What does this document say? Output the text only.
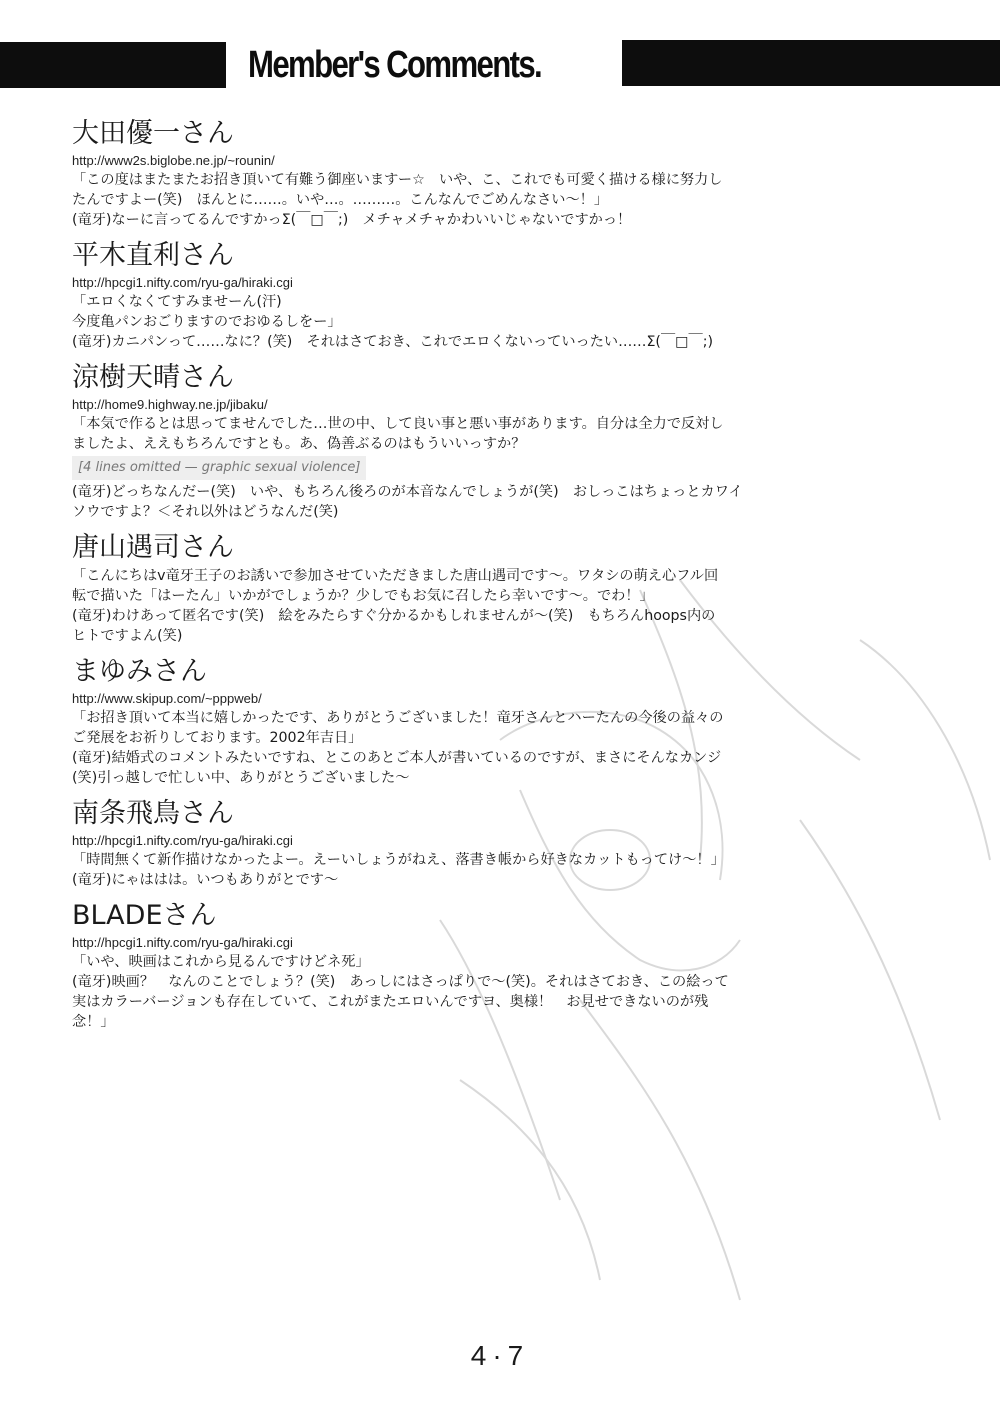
Member's Comments.
大田優一さん
http://www2s.biglobe.ne.jp/~rounin/
「この度はまたまたお招き頂いて有難う御座いますー☆　いや、こ、これでも可愛く描ける様に努力し
たんですよー(笑)　ほんとに……。いや…。………。こんなんでごめんなさい～！」
(竜牙)なーに言ってるんですかっΣ(￣□￣;)　メチャメチャかわいいじゃないですかっ！
平木直利さん
http://hpcgi1.nifty.com/ryu-ga/hiraki.cgi
「エロくなくてすみませーん(汗)
今度亀パンおごりますのでおゆるしをー」
(竜牙)カニパンって……なに？(笑)　それはさておき、これでエロくないっていったい……Σ(￣□￣;)
涼樹天晴さん
http://home9.highway.ne.jp/jibaku/
「本気で作るとは思ってませんでした…世の中、して良い事と悪い事があります。自分は全力で反対し
ましたよ、ええもちろんですとも。あ、偽善ぶるのはもういいっすか？
[4 lines omitted — graphic sexual violence]
(竜牙)どっちなんだー(笑)　いや、もちろん後ろのが本音なんでしょうが(笑)　おしっこはちょっとカワイ
ソウですよ？＜それ以外はどうなんだ(笑)
唐山遇司さん
「こんにちはv竜牙王子のお誘いで参加させていただきました唐山遇司です～。ワタシの萌え心フル回
転で描いた「はーたん」いかがでしょうか？少しでもお気に召したら幸いです～。でわ！」
(竜牙)わけあって匿名です(笑)　絵をみたらすぐ分かるかもしれませんが～(笑)　もちろんhoops内の
ヒトですよん(笑)
まゆみさん
http://www.skipup.com/~pppweb/
「お招き頂いて本当に嬉しかったです、ありがとうございました！竜牙さんとハーたんの今後の益々の
ご発展をお祈りしております。2002年吉日」
(竜牙)結婚式のコメントみたいですね、とこのあとご本人が書いているのですが、まさにそんなカンジ
(笑)引っ越しで忙しい中、ありがとうございました～
南条飛鳥さん
http://hpcgi1.nifty.com/ryu-ga/hiraki.cgi
「時間無くて新作描けなかったよー。えーいしょうがねえ、落書き帳から好きなカットもってけ～！」
(竜牙)にゃははは。いつもありがとです～
BLADEさん
http://hpcgi1.nifty.com/ryu-ga/hiraki.cgi
「いや、映画はこれから見るんですけどネ死」
(竜牙)映画？　なんのことでしょう？(笑)　あっしにはさっぱりで～(笑)。それはさておき、この絵って
実はカラーバージョンも存在していて、これがまたエロいんですヨ、奥様！　お見せできないのが残
念！」
4·7
